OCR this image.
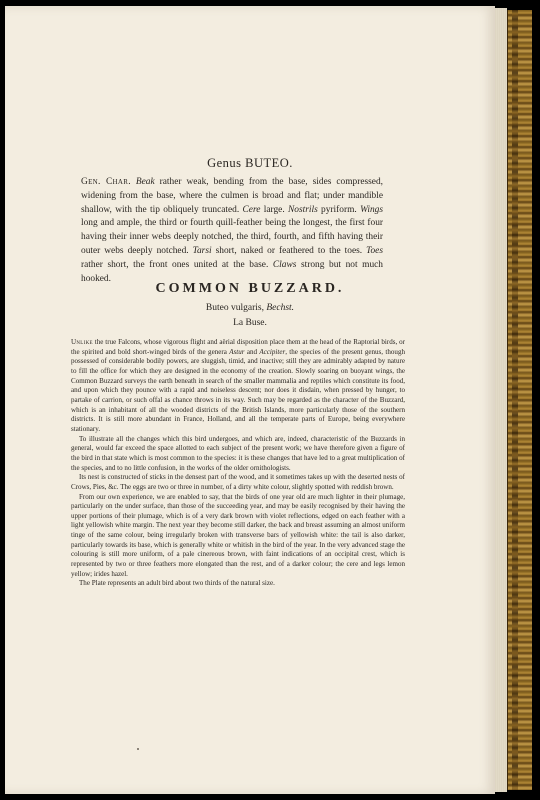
Genus BUTEO.
Gen. Char. Beak rather weak, bending from the base, sides compressed, widening from the base, where the culmen is broad and flat; under mandible shallow, with the tip obliquely truncated. Cere large. Nostrils pyriform. Wings long and ample, the third or fourth quill-feather being the longest, the first four having their inner webs deeply notched, the third, fourth, and fifth having their outer webs deeply notched. Tarsi short, naked or feathered to the toes. Toes rather short, the front ones united at the base. Claws strong but not much hooked.
COMMON BUZZARD.
Buteo vulgaris, Bechst.
La Buse.

Unlike the true Falcons, whose vigorous flight and aërial disposition place them at the head of the Raptorial birds, or the spirited and bold short-winged birds of the genera Astur and Accipiter, the species of the present genus, though possessed of considerable bodily powers, are sluggish, timid, and inactive; still they are admirably adapted by nature to fill the office for which they are designed in the economy of the creation. Slowly soaring on buoyant wings, the Common Buzzard surveys the earth beneath in search of the smaller mammalia and reptiles which constitute its food, and upon which they pounce with a rapid and noiseless descent; nor does it disdain, when pressed by hunger, to partake of carrion, or such offal as chance throws in its way. Such may be regarded as the character of the Buzzard, which is an inhabitant of all the wooded districts of the British Islands, more particularly those of the southern districts. It is still more abundant in France, Holland, and all the temperate parts of Europe, being everywhere stationary.

To illustrate all the changes which this bird undergoes, and which are, indeed, characteristic of the Buzzards in general, would far exceed the space allotted to each subject of the present work; we have therefore given a figure of the bird in that state which is most common to the species: it is these changes that have led to a great multiplication of the species, and to no little confusion, in the works of the older ornithologists.

Its nest is constructed of sticks in the densest part of the wood, and it sometimes takes up with the deserted nests of Crows, Pies, &c. The eggs are two or three in number, of a dirty white colour, slightly spotted with reddish brown.

From our own experience, we are enabled to say, that the birds of one year old are much lighter in their plumage, particularly on the under surface, than those of the succeeding year, and may be easily recognised by their having the upper portions of their plumage, which is of a very dark brown with violet reflections, edged on each feather with a light yellowish white margin. The next year they become still darker, the back and breast assuming an almost uniform tinge of the same colour, being irregularly broken with transverse bars of yellowish white: the tail is also darker, particularly towards its base, which is generally white or whitish in the bird of the year. In the very advanced stage the colouring is still more uniform, of a pale cinereous brown, with faint indications of an occipital crest, which is represented by two or three feathers more elongated than the rest, and of a darker colour; the cere and legs lemon yellow; irides hazel.

The Plate represents an adult bird about two thirds of the natural size.
